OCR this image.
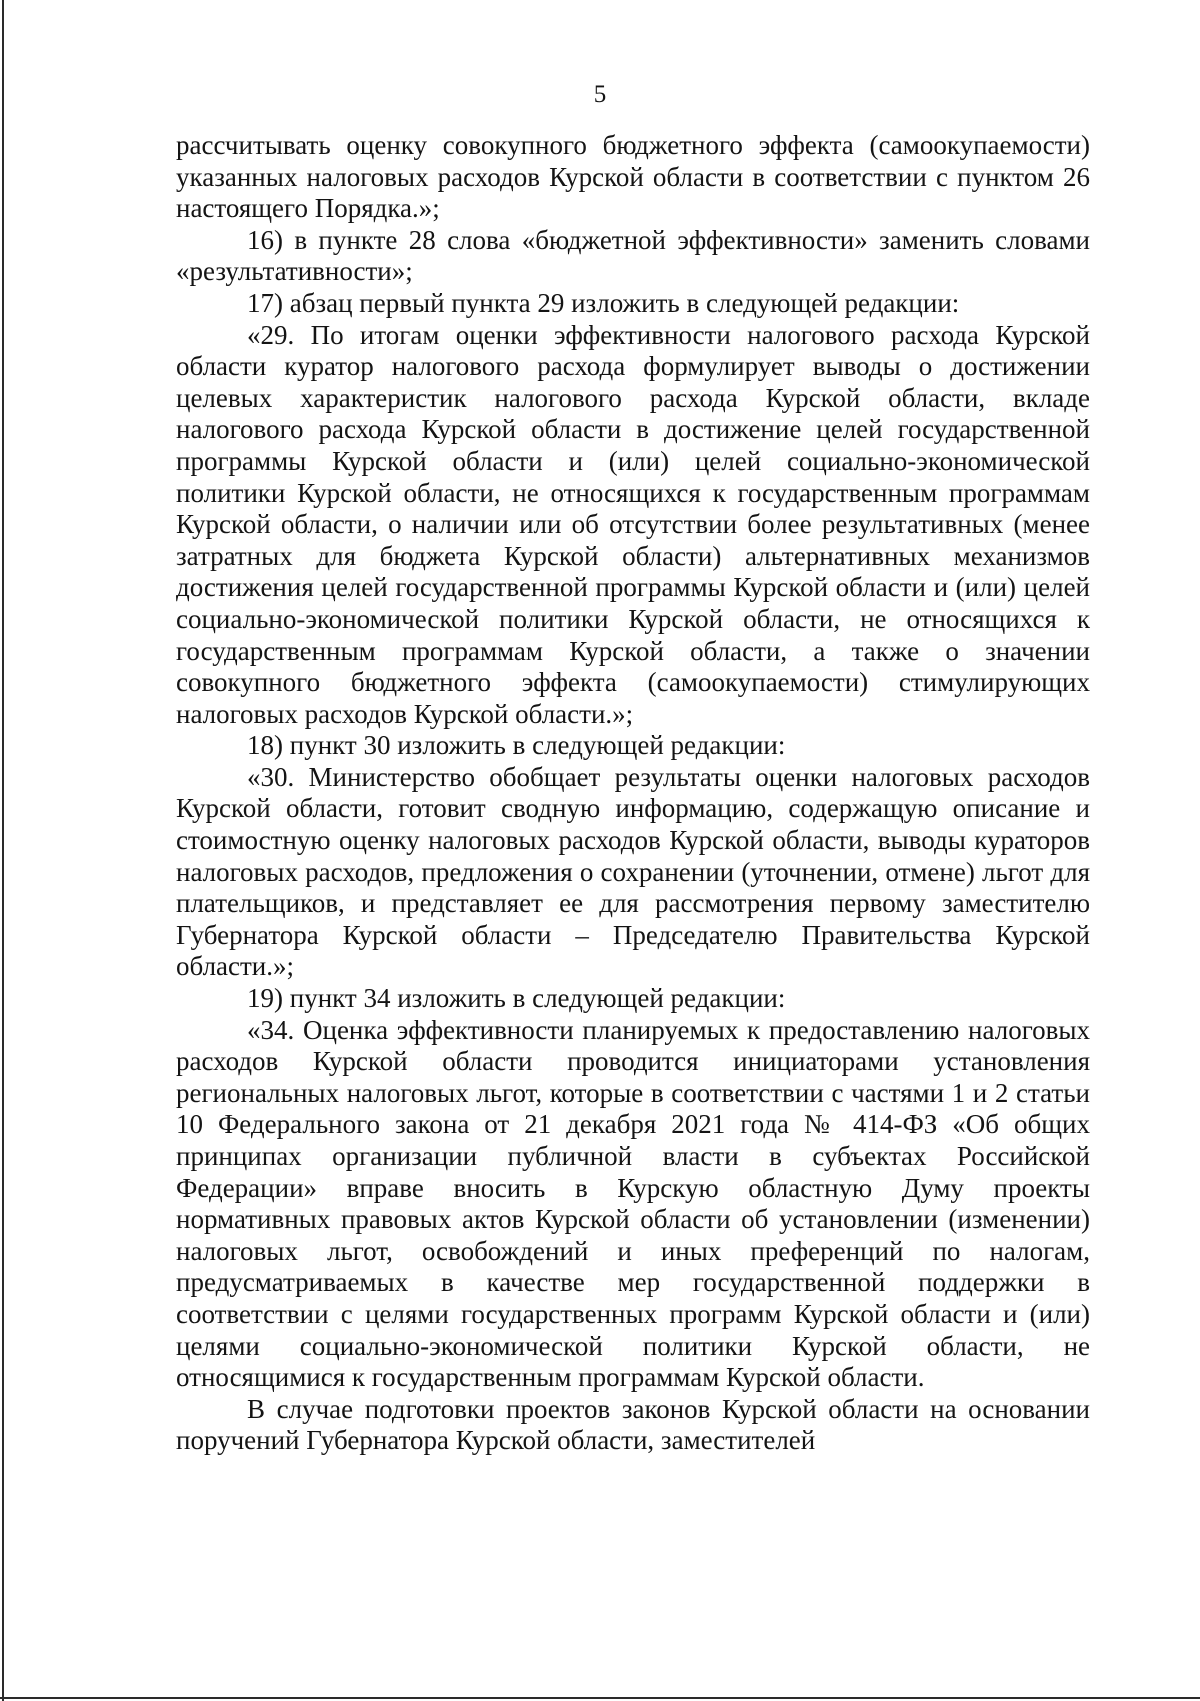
5

рассчитывать оценку совокупного бюджетного эффекта (самоокупаемости) указанных налоговых расходов Курской области в соответствии с пунктом 26 настоящего Порядка.»;

16) в пункте 28 слова «бюджетной эффективности» заменить словами «результативности»;

17) абзац первый пункта 29 изложить в следующей редакции:

«29. По итогам оценки эффективности налогового расхода Курской области куратор налогового расхода формулирует выводы о достижении целевых характеристик налогового расхода Курской области, вкладе налогового расхода Курской области в достижение целей государственной программы Курской области и (или) целей социально-экономической политики Курской области, не относящихся к государственным программам Курской области, о наличии или об отсутствии более результативных (менее затратных для бюджета Курской области) альтернативных механизмов достижения целей государственной программы Курской области и (или) целей социально-экономической политики Курской области, не относящихся к государственным программам Курской области, а также о значении совокупного бюджетного эффекта (самоокупаемости) стимулирующих налоговых расходов Курской области.»;

18) пункт 30 изложить в следующей редакции:

«30. Министерство обобщает результаты оценки налоговых расходов Курской области, готовит сводную информацию, содержащую описание и стоимостную оценку налоговых расходов Курской области, выводы кураторов налоговых расходов, предложения о сохранении (уточнении, отмене) льгот для плательщиков, и представляет ее для рассмотрения первому заместителю Губернатора Курской области – Председателю Правительства Курской области.»;

19) пункт 34 изложить в следующей редакции:

«34. Оценка эффективности планируемых к предоставлению налоговых расходов Курской области проводится инициаторами установления региональных налоговых льгот, которые в соответствии с частями 1 и 2 статьи 10 Федерального закона от 21 декабря 2021 года № 414-ФЗ «Об общих принципах организации публичной власти в субъектах Российской Федерации» вправе вносить в Курскую областную Думу проекты нормативных правовых актов Курской области об установлении (изменении) налоговых льгот, освобождений и иных преференций по налогам, предусматриваемых в качестве мер государственной поддержки в соответствии с целями государственных программ Курской области и (или) целями социально-экономической политики Курской области, не относящимися к государственным программам Курской области.

В случае подготовки проектов законов Курской области на основании поручений Губернатора Курской области, заместителей
